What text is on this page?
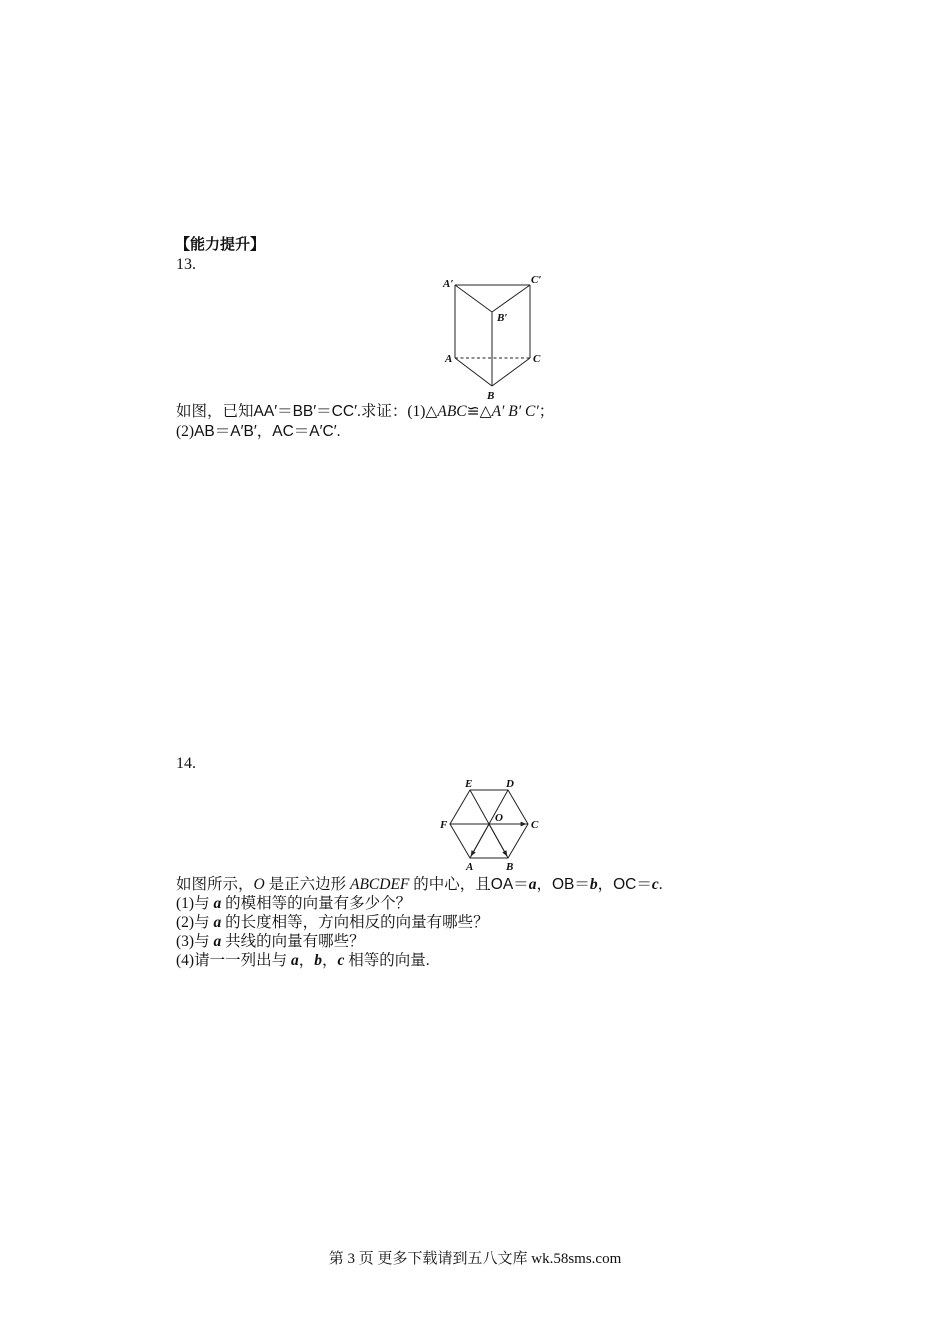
【能力提升】
13.
A′	C′
B′
A	C
B
如图，已知AA′＝BB′＝CC′.求证：(1)△ABC≌△A′ B′ C′；
(2)AB＝A′B′，AC＝A′C′.
14.
E	D
F
O
C
A	B
如图所示，O 是正六边形 ABCDEF 的中心，且OA＝a，OB＝b，OC＝c.
(1)与 a 的模相等的向量有多少个？
(2)与 a 的长度相等，方向相反的向量有哪些？
(3)与 a 共线的向量有哪些？
(4)请一一列出与 a，b，c 相等的向量.
第 3 页 更多下载请到五八文库 wk.58sms.com
